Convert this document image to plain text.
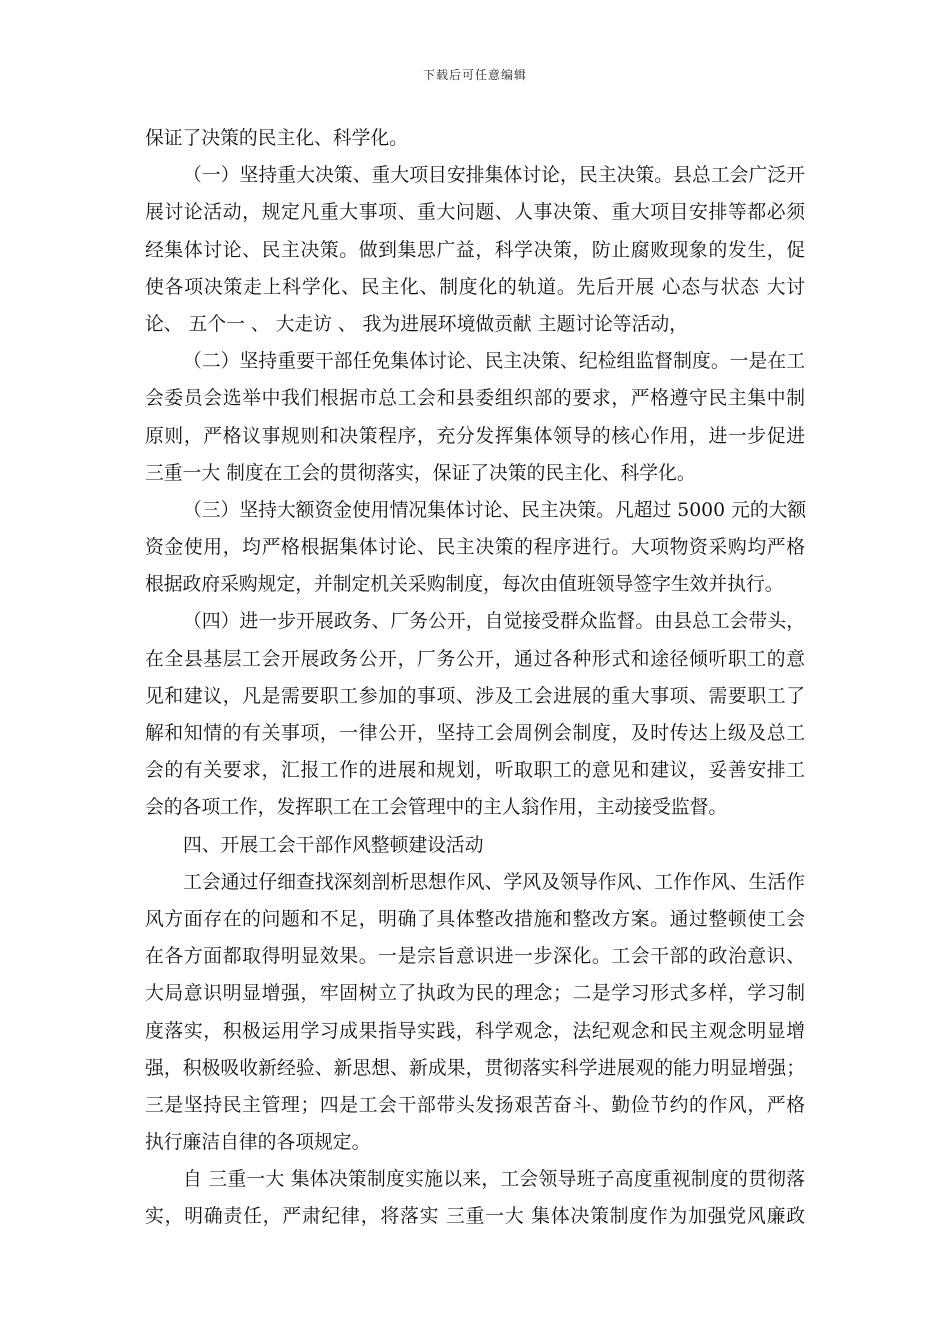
下载后可任意编辑
保证了决策的民主化、科学化。
（一）坚持重大决策、重大项目安排集体讨论，民主决策。县总工会广泛开
展讨论活动，规定凡重大事项、重大问题、人事决策、重大项目安排等都必须
经集体讨论、民主决策。做到集思广益，科学决策，防止腐败现象的发生，促
使各项决策走上科学化、民主化、制度化的轨道。先后开展 心态与状态 大讨
论、 五个一 、 大走访 、 我为进展环境做贡献 主题讨论等活动，
（二）坚持重要干部任免集体讨论、民主决策、纪检组监督制度。一是在工
会委员会选举中我们根据市总工会和县委组织部的要求，严格遵守民主集中制
原则，严格议事规则和决策程序，充分发挥集体领导的核心作用，进一步促进
三重一大 制度在工会的贯彻落实，保证了决策的民主化、科学化。
（三）坚持大额资金使用情况集体讨论、民主决策。凡超过 5000 元的大额
资金使用，均严格根据集体讨论、民主决策的程序进行。大项物资采购均严格
根据政府采购规定，并制定机关采购制度，每次由值班领导签字生效并执行。
（四）进一步开展政务、厂务公开，自觉接受群众监督。由县总工会带头，
在全县基层工会开展政务公开，厂务公开，通过各种形式和途径倾听职工的意
见和建议，凡是需要职工参加的事项、涉及工会进展的重大事项、需要职工了
解和知情的有关事项，一律公开，坚持工会周例会制度，及时传达上级及总工
会的有关要求，汇报工作的进展和规划，听取职工的意见和建议，妥善安排工
会的各项工作，发挥职工在工会管理中的主人翁作用，主动接受监督。
四、开展工会干部作风整顿建设活动
工会通过仔细查找深刻剖析思想作风、学风及领导作风、工作作风、生活作
风方面存在的问题和不足，明确了具体整改措施和整改方案。通过整顿使工会
在各方面都取得明显效果。一是宗旨意识进一步深化。工会干部的政治意识、
大局意识明显增强，牢固树立了执政为民的理念；二是学习形式多样，学习制
度落实，积极运用学习成果指导实践，科学观念，法纪观念和民主观念明显增
强，积极吸收新经验、新思想、新成果，贯彻落实科学进展观的能力明显增强；
三是坚持民主管理；四是工会干部带头发扬艰苦奋斗、勤俭节约的作风，严格
执行廉洁自律的各项规定。
自 三重一大 集体决策制度实施以来，工会领导班子高度重视制度的贯彻落
实，明确责任，严肃纪律，将落实 三重一大 集体决策制度作为加强党风廉政
